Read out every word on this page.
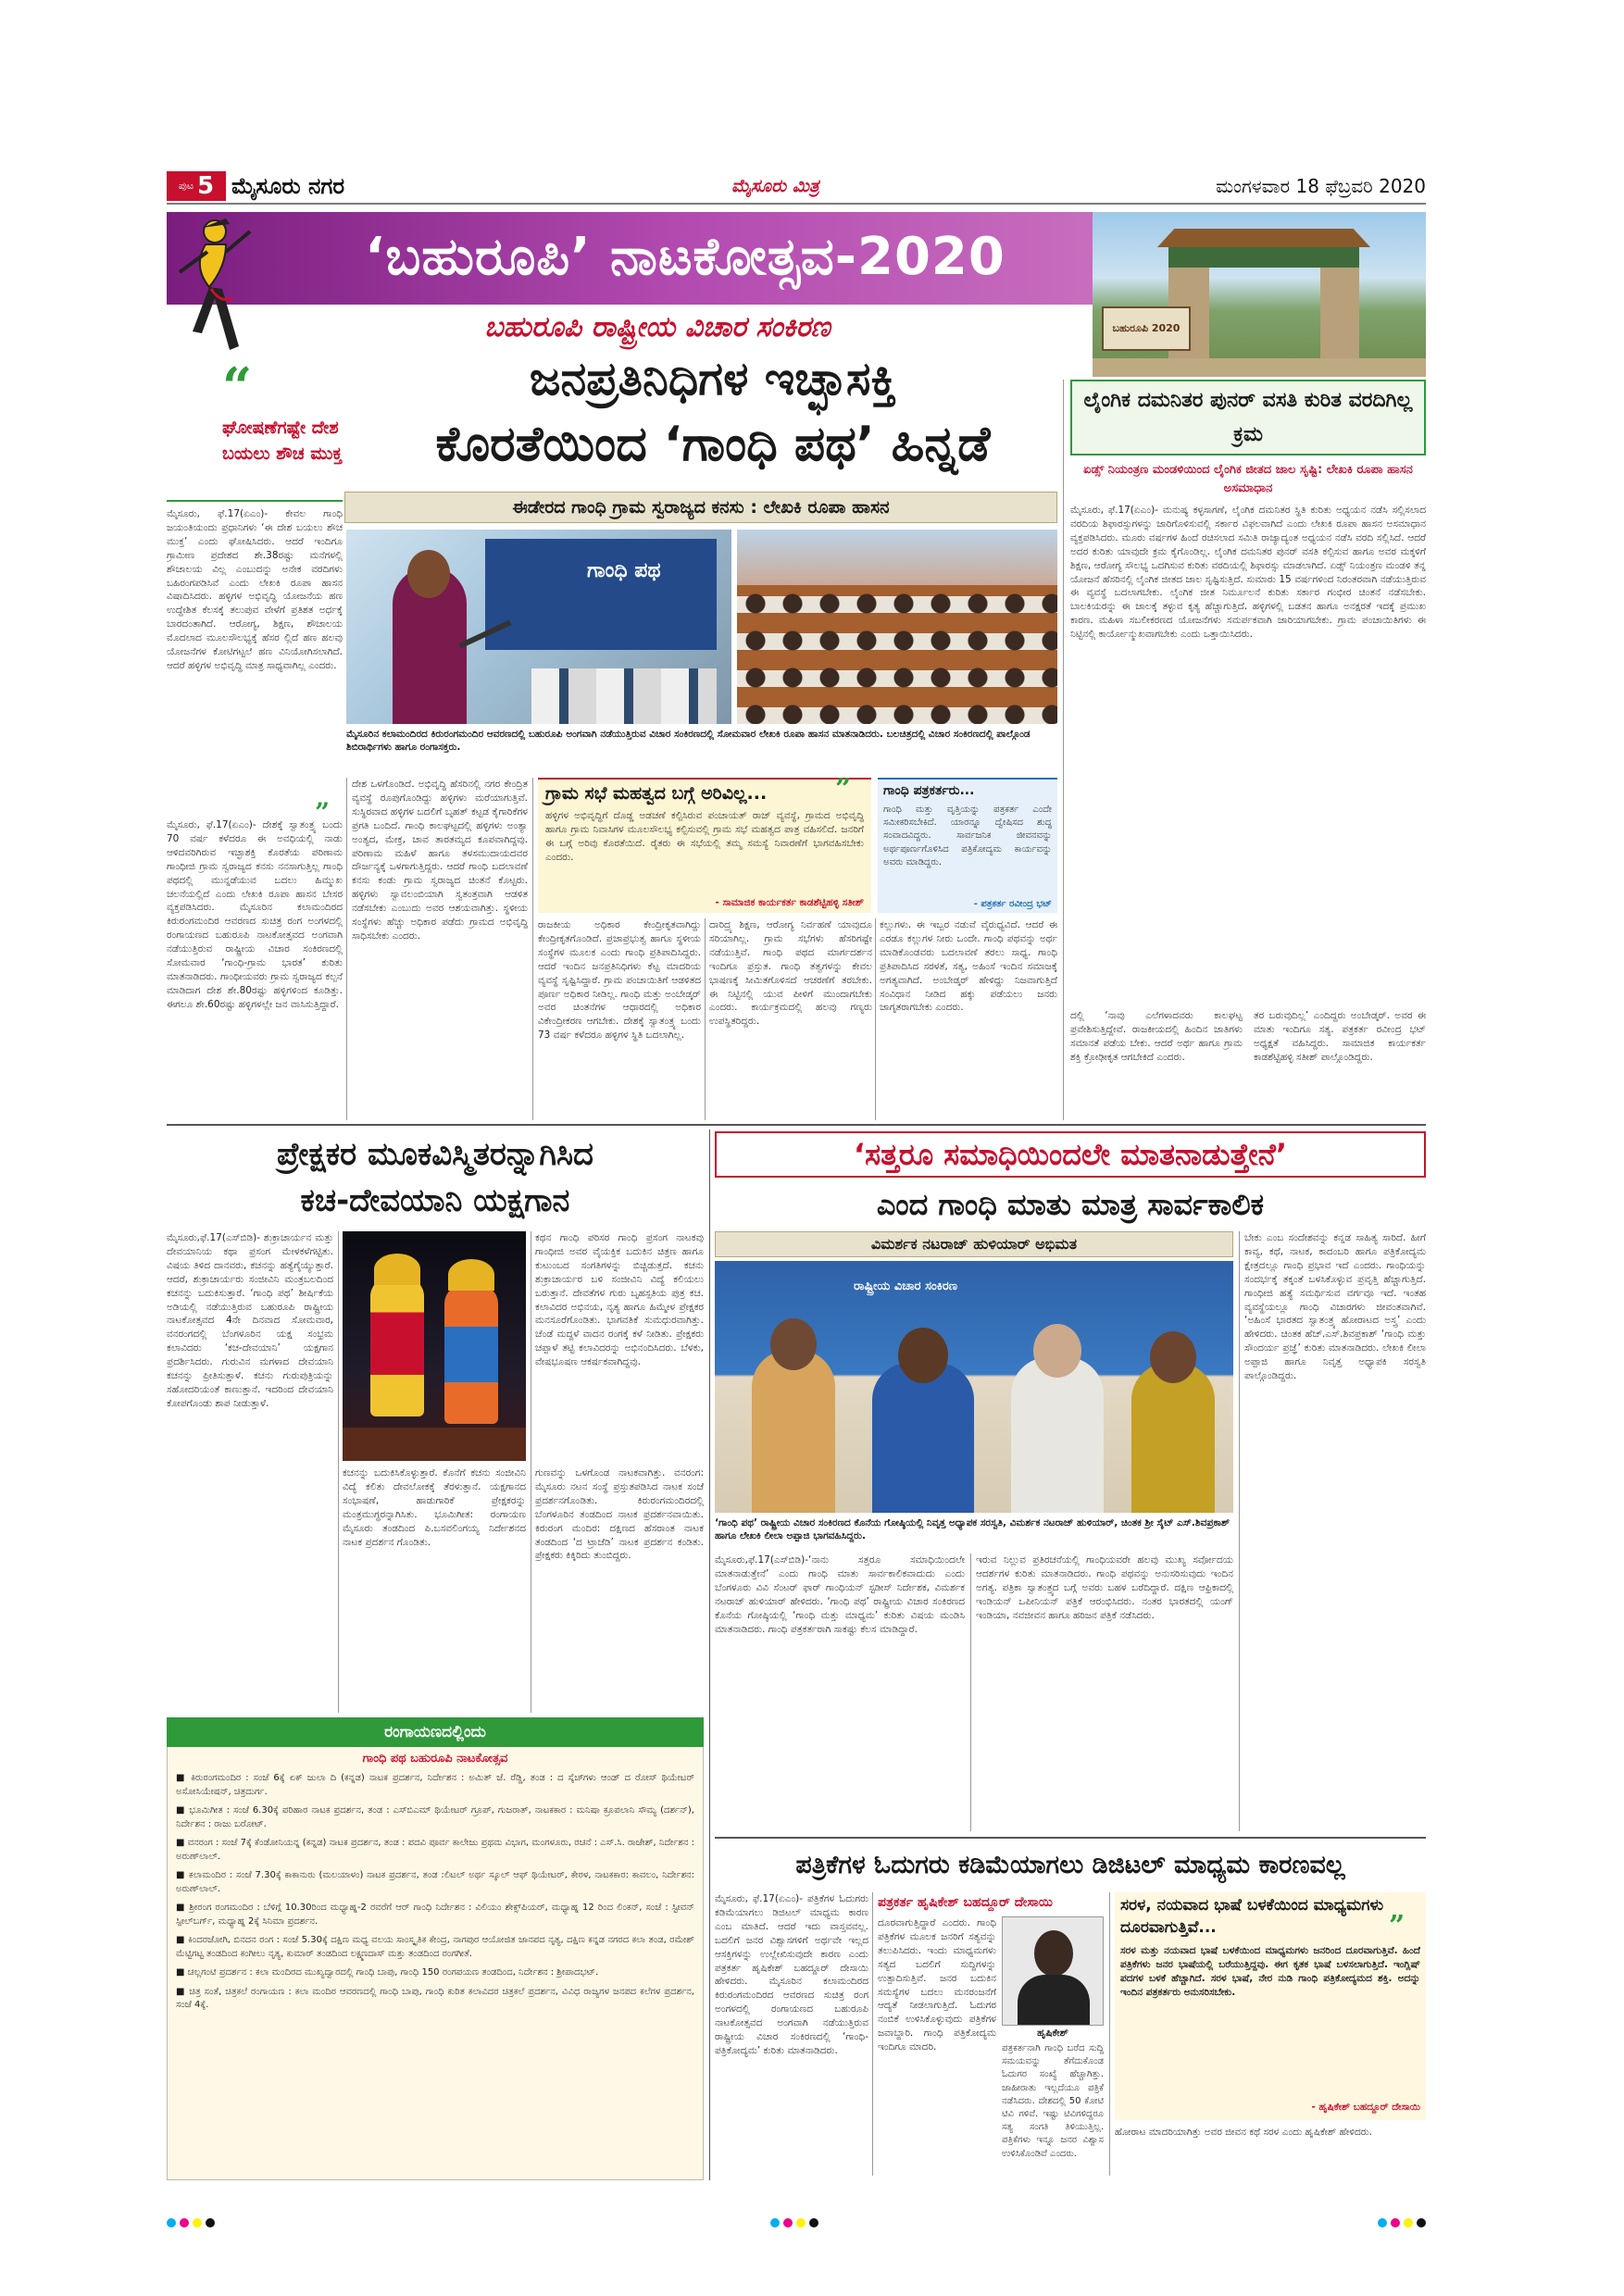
ಪುಟ 5 ಮೈಸೂರು ನಗರ	ಮೈಸೂರು ಮಿತ್ರ	ಮಂಗಳವಾರ 18 ಫೆಬ್ರವರಿ 2020
‘ಬಹುರೂಪಿ’ ನಾಟಕೋತ್ಸವ-2020
ಬಹುರೂಪಿ ರಾಷ್ಟ್ರೀಯ ವಿಚಾರ ಸಂಕಿರಣ	ಬಹುರೂಪಿ 2020
“	ಜನಪ್ರತಿನಿಧಿಗಳ ಇಚ್ಛಾಸಕ್ತಿ
ಕೊರತೆಯಿಂದ ‘ಗಾಂಧಿ ಪಥ’ ಹಿನ್ನಡೆ
ಘೋಷಣೆಗಷ್ಟೇ ದೇಶ ಬಯಲು ಶೌಚ ಮುಕ್ತ
ಮೈಸೂರು, ಫೆ.17(ಏಎಂ)- ಕೇವಲ ಗಾಂಧಿ ಜಯಂತಿಯಂದು ಪ್ರಧಾನಿಗಳು ‘ಈ ದೇಶ ಬಯಲು ಶೌಚ ಮುಕ್ತ’ ಎಂದು ಘೋಷಿಸಿದರು. ಆದರೆ ಇಂದಿಗೂ ಗ್ರಾಮೀಣ ಪ್ರದೇಶದ ಶೇ.38ರಷ್ಟು ಮನೆಗಳಲ್ಲಿ ಶೌಚಾಲಯ ವಿಲ್ಲ ಎಂಬುದನ್ನು ಅನೇಕ ವರದಿಗಳು ಬಹಿರಂಗಪಡಿಸಿವೆ ಎಂದು ಲೇಖಕಿ ರೂಪಾ ಹಾಸನ ವಿಷಾದಿಸಿದರು. ಹಳ್ಳಿಗಳ ಅಭಿವೃದ್ಧಿ ಯೋಜನೆಯ ಹಣ ಉದ್ದೇಶಿತ ಕೆಲಸಕ್ಕೆ ತಲುಪುವ ವೇಳೆಗೆ ಪ್ರತಿಶತ ಅರ್ಧಕ್ಕೆ ಬಾರದಂತಾಗಿದೆ. ಆರೋಗ್ಯ, ಶಿಕ್ಷಣ, ಶೌಚಾಲಯ ಮೊದಲಾದ ಮೂಲಸೌಲಭ್ಯಕ್ಕೆ ಹೆಸರ ಲ್ಲಿದೆ ಹಣ ಹಲವು ಯೋಜನೆಗಳ ಕೋಟಿಗಟ್ಟಲೆ ಹಣ ವಿನಿಯೋಗಿಸಲಾಗಿದೆ. ಆದರೆ ಹಳ್ಳಿಗಳ ಅಭಿವೃದ್ಧಿ ಮಾತ್ರ ಸಾಧ್ಯವಾಗಿಲ್ಲ ಎಂದರು.
”
ಈಡೇರದ ಗಾಂಧಿ ಗ್ರಾಮ ಸ್ವರಾಜ್ಯದ ಕನಸು : ಲೇಖಕಿ ರೂಪಾ ಹಾಸನ
ಗಾಂಧಿ ಪಥ
ಮೈಸೂರಿನ ಕಲಾಮಂದಿರದ ಕಿರುರಂಗಮಂದಿರ ಆವರಣದಲ್ಲಿ ಬಹುರೂಪಿ ಅಂಗವಾಗಿ ನಡೆಯುತ್ತಿರುವ ವಿಚಾರ ಸಂಕಿರಣದಲ್ಲಿ ಸೋಮವಾರ ಲೇಖಕಿ ರೂಪಾ ಹಾಸನ ಮಾತನಾಡಿದರು. ಬಲಚಿತ್ರದಲ್ಲಿ ವಿಚಾರ ಸಂಕಿರಣದಲ್ಲಿ ಪಾಲ್ಗೊಂಡ ಶಿಬಿರಾರ್ಥಿಗಳು ಹಾಗೂ ರಂಗಾಸಕ್ತರು.
ಮೈಸೂರು, ಫೆ.17(ಏಎಂ)- ದೇಶಕ್ಕೆ ಸ್ವಾತಂತ್ರ್ಯ ಬಂದು 70 ವರ್ಷ ಕಳೆದರೂ ಈ ಅವಧಿಯಲ್ಲಿ ನಾಡು ಆಳಿದವರಿಗಿರುವ ಇಚ್ಛಾಶಕ್ತಿ ಕೊರತೆಯ ಪರಿಣಾಮ ಗಾಂಧೀಜಿ ಗ್ರಾಮ ಸ್ವರಾಜ್ಯದ ಕನಸು ನನಸಾಗುತ್ತಿಲ್ಲ ಗಾಂಧಿ ಪಥದಲ್ಲಿ ಮುನ್ನಡೆಯುವ ಬದಲು ಹಿಮ್ಮುಖ ಚಲನೆಯಲ್ಲಿದೆ ಎಂದು ಲೇಖಕಿ ರೂಪಾ ಹಾಸನ ಬೇಸರ ವ್ಯಕ್ತಪಡಿಸಿದರು. ಮೈಸೂರಿನ ಕಲಾಮಂದಿರದ ಕಿರುರಂಗಮಂದಿರ ಆವರಣದ ಸುಚಿತ್ರ ರಂಗ ಅಂಗಳದಲ್ಲಿ ರಂಗಾಯಣದ ಬಹುರೂಪಿ ನಾಟಕೋತ್ಸವದ ಅಂಗವಾಗಿ ನಡೆಯುತ್ತಿರುವ ರಾಷ್ಟ್ರೀಯ ವಿಚಾರ ಸಂಕಿರಣದಲ್ಲಿ ಸೋಮವಾರ ‘ಗಾಂಧಿ-ಗ್ರಾಮ ಭಾರತ’ ಕುರಿತು ಮಾತನಾಡಿದರು. ಗಾಂಧೀಯವರು ಗ್ರಾಮ ಸ್ವರಾಜ್ಯದ ಕಲ್ಪನೆ ಮಾಡಿದಾಗ ದೇಶ ಶೇ.80ರಷ್ಟು ಹಳ್ಳಿಗಳಿಂದ ಕೂಡಿತ್ತು. ಈಗಲೂ ಶೇ.60ರಷ್ಟು ಹಳ್ಳಿಗಳಲ್ಲೇ ಜನ ವಾಸಿಸುತ್ತಿದ್ದಾರೆ.
ದೇಶ ಒಳಗೊಂಡಿದೆ. ಅಭಿವೃದ್ಧಿ ಹೆಸರಿನಲ್ಲಿ ನಗರ ಕೇಂದ್ರಿತ ವ್ಯವಸ್ಥೆ ರೂಪುಗೊಂಡಿದ್ದು ಹಳ್ಳಿಗಳು ಮರೆಯಾಗುತ್ತಿವೆ. ಸುಸ್ಥಿರವಾದ ಹಳ್ಳಿಗಳ ಬದಲಿಗೆ ಬೃಹತ್ ಕಟ್ಟಡ ಕೈಗಾರಿಕೆಗಳ ಪ್ರಗತಿ ಬಂದಿದೆ. ಗಾಂಧಿ ಕಾಲಘಟ್ಟದಲ್ಲಿ ಹಳ್ಳಿಗಳು ಅಂತ್ಯಾ ಅಂತ್ಯದ, ಮೇಕ್ರ, ಚಾವ ತಾರತಮ್ಯದ ಕೂಪವಾಗಿದ್ದವು. ಪರಿಣಾಮ ಮಹಿಳೆ ಹಾಗೂ ತಳಸಮುದಾಯದವರ ದೌರ್ಜನ್ಯಕ್ಕೆ ಒಳಗಾಗುತ್ತಿದ್ದರು. ಆದರೆ ಗಾಂಧಿ ಬದಲಾವಣೆ ಕನಸು ಕಂಡು ಗ್ರಾಮ ಸ್ವರಾಜ್ಯದ ಚಿಂತನೆ ಕೊಟ್ಟರು. ಹಳ್ಳಿಗಳು ಸ್ವಾವಲಂಬಿಯಾಗಿ ಸ್ವತಂತ್ರವಾಗಿ ಆಡಳಿತ ನಡೆಸಬೇಕು ಎಂಬುದು ಅವರ ಆಶಯವಾಗಿತ್ತು. ಸ್ಥಳೀಯ ಸಂಸ್ಥೆಗಳು ಹೆಚ್ಚು ಅಧಿಕಾರ ಪಡೆದು ಗ್ರಾಮದ ಅಭಿವೃದ್ಧಿ ಸಾಧಿಸಬೇಕು ಎಂದರು.
ಗ್ರಾಮ ಸಭೆ ಮಹತ್ವದ ಬಗ್ಗೆ ಅರಿವಿಲ್ಲ...
ಹಳ್ಳಿಗಳ ಅಭಿವೃದ್ಧಿಗೆ ದೊಡ್ಡ ಅಡಚಣೆ ಕಲ್ಪಿಸಿರುವ ಪಂಚಾಯತ್ ರಾಜ್ ವ್ಯವಸ್ಥೆ, ಗ್ರಾಮದ ಅಭಿವೃದ್ಧಿ ಹಾಗೂ ಗ್ರಾಮ ನಿವಾಸಿಗಳ ಮೂಲಸೌಲಭ್ಯ ಕಲ್ಪಿಸುವಲ್ಲಿ ಗ್ರಾಮ ಸಭೆ ಮಹತ್ವದ ಪಾತ್ರ ವಹಿಸಲಿದೆ. ಜನರಿಗೆ ಈ ಬಗ್ಗೆ ಅರಿವು ಕೊರತೆಯಿದೆ. ರೈತರು ಈ ಸಭೆಯಲ್ಲಿ ತಮ್ಮ ಸಮಸ್ಯೆ ನಿವಾರಣೆಗೆ ಭಾಗವಹಿಸಬೇಕು ಎಂದರು.
- ಸಾಮಾಜಿಕ ಕಾರ್ಯಕರ್ತ ಕಾಡಶೆಟ್ಟಿಹಳ್ಳಿ ಸತೀಶ್
” ಗಾಂಧಿ ಪತ್ರಕರ್ತರು...
ಗಾಂಧಿ ಮತ್ತು ವೃತ್ತಿಯನ್ನು ಪತ್ರಕರ್ತ ಎಂದೇ ಸಮೀಕರಿಸಬೇಕಿದೆ. ಯಾರನ್ನೂ ದ್ವೇಷಿಸದ ಶುದ್ಧ ಸಂವಾದವಿದ್ದರು. ಸಾರ್ವಜನಿಕ ಜೀವನವನ್ನು ಅರ್ಥಪೂರ್ಣಗೊಳಿಸಿದ ಪತ್ರಿಕೋದ್ಯಮ ಕಾರ್ಯವನ್ನು ಅವರು ಮಾಡಿದ್ದರು.
- ಪತ್ರಕರ್ತ ರವೀಂದ್ರ ಭಟ್
ರಾಜಕೀಯ ಅಧಿಕಾರ ಕೇಂದ್ರೀಕೃತವಾಗಿದ್ದು ಕೇಂದ್ರೀಕೃತಗೊಂಡಿದೆ. ಪ್ರಜಾಪ್ರಭುತ್ವ ಹಾಗೂ ಸ್ಥಳೀಯ ಸಂಸ್ಥೆಗಳ ಮೂಲಕ ಎಂದು ಗಾಂಧಿ ಪ್ರತಿಪಾದಿಸಿದ್ದರು. ಆದರೆ ಇಂದಿನ ಜನಪ್ರತಿನಿಧಿಗಳು ಕೆಟ್ಟ ಮಾದರಿಯ ವ್ಯವಸ್ಥೆ ಸೃಷ್ಟಿಸಿದ್ದಾರೆ. ಗ್ರಾಮ ಪಂಚಾಯಿತಿಗೆ ಆಡಳಿತದ ಪೂರ್ಣ ಅಧಿಕಾರ ನೀಡಿಲ್ಲ. ಗಾಂಧಿ ಮತ್ತು ಅಂಬೇಡ್ಕರ್ ಅವರ ಚಿಂತನೆಗಳ ಆಧಾರದಲ್ಲಿ ಅಧಿಕಾರ ವಿಕೇಂದ್ರೀಕರಣ ಆಗಬೇಕು. ದೇಶಕ್ಕೆ ಸ್ವಾತಂತ್ರ್ಯ ಬಂದು 73 ವರ್ಷ ಕಳೆದರೂ ಹಳ್ಳಿಗಳ ಸ್ಥಿತಿ ಬದಲಾಗಿಲ್ಲ.
ದಾರಿದ್ರ್ಯ ಶಿಕ್ಷಣ, ಆರೋಗ್ಯ ನಿರ್ವಹಣೆ ಯಾವುದೂ ಸರಿಯಾಗಿಲ್ಲ. ಗ್ರಾಮ ಸಭೆಗಳು ಹೆಸರಿಗಷ್ಟೇ ನಡೆಯುತ್ತಿವೆ. ಗಾಂಧಿ ಪಥದ ಮಾರ್ಗದರ್ಶನ ಇಂದಿಗೂ ಪ್ರಸ್ತುತ. ಗಾಂಧಿ ತತ್ವಗಳನ್ನು ಕೇವಲ ಭಾಷಣಕ್ಕೆ ಸೀಮಿತಗೊಳಿಸದೆ ಆಚರಣೆಗೆ ತರಬೇಕು. ಈ ನಿಟ್ಟಿನಲ್ಲಿ ಯುವ ಪೀಳಿಗೆ ಮುಂದಾಗಬೇಕು ಎಂದರು. ಕಾರ್ಯಕ್ರಮದಲ್ಲಿ ಹಲವು ಗಣ್ಯರು ಉಪಸ್ಥಿತರಿದ್ದರು.
ಕಲ್ಲುಗಳು. ಈ ಇಬ್ಬರ ನಡುವೆ ವೈರುಧ್ಯವಿದೆ. ಆದರೆ ಈ ಎರಡೂ ಕಲ್ಲುಗಳ ನೀರು ಒಂದೇ. ಗಾಂಧಿ ಪಥವನ್ನು ಅರ್ಥ ಮಾಡಿಕೊಂಡವರು ಬದಲಾವಣೆ ತರಲು ಸಾಧ್ಯ. ಗಾಂಧಿ ಪ್ರತಿಪಾದಿಸಿದ ಸರಳತೆ, ಸತ್ಯ, ಅಹಿಂಸೆ ಇಂದಿನ ಸಮಾಜಕ್ಕೆ ಅಗತ್ಯವಾಗಿದೆ. ಅಂಬೇಡ್ಕರ್ ಹೇಳಿದ್ದು ನಿಜವಾಗುತ್ತಿದೆ ಸಂವಿಧಾನ ನೀಡಿದ ಹಕ್ಕು ಪಡೆಯಲು ಜನರು ಜಾಗೃತರಾಗಬೇಕು ಎಂದರು.
ಲೈಂಗಿಕ ದಮನಿತರ ಪುನರ್ ವಸತಿ ಕುರಿತ ವರದಿಗಿಲ್ಲ ಕ್ರಮ
ಏಡ್ಸ್ ನಿಯಂತ್ರಣ ಮಂಡಳಿಯಿಂದ ಲೈಂಗಿಕ ಜೀತದ ಜಾಲ ಸೃಷ್ಟಿ: ಲೇಖಕಿ ರೂಪಾ ಹಾಸನ ಅಸಮಾಧಾನ
ಮೈಸೂರು, ಫೆ.17(ಏಎಂ)- ಮನುಷ್ಯ ಕಳ್ಳಸಾಗಣೆ, ಲೈಂಗಿಕ ದಮನಿತರ ಸ್ಥಿತಿ ಕುರಿತು ಅಧ್ಯಯನ ನಡೆಸಿ ಸಲ್ಲಿಸಲಾದ ವರದಿಯ ಶಿಫಾರಸ್ಸುಗಳನ್ನು ಜಾರಿಗೊಳಿಸುವಲ್ಲಿ ಸರ್ಕಾರ ವಿಫಲವಾಗಿದೆ ಎಂದು ಲೇಖಕಿ ರೂಪಾ ಹಾಸನ ಅಸಮಾಧಾನ ವ್ಯಕ್ತಪಡಿಸಿದರು. ಮೂರು ವರ್ಷಗಳ ಹಿಂದೆ ರಚಿಸಲಾದ ಸಮಿತಿ ರಾಜ್ಯಾದ್ಯಂತ ಅಧ್ಯಯನ ನಡೆಸಿ ವರದಿ ಸಲ್ಲಿಸಿದೆ. ಆದರೆ ಅದರ ಕುರಿತು ಯಾವುದೇ ಕ್ರಮ ಕೈಗೊಂಡಿಲ್ಲ. ಲೈಂಗಿಕ ದಮನಿತರ ಪುನರ್ ವಸತಿ ಕಲ್ಪಿಸುವ ಹಾಗೂ ಅವರ ಮಕ್ಕಳಿಗೆ ಶಿಕ್ಷಣ, ಆರೋಗ್ಯ ಸೌಲಭ್ಯ ಒದಗಿಸುವ ಕುರಿತು ವರದಿಯಲ್ಲಿ ಶಿಫಾರಸ್ಸು ಮಾಡಲಾಗಿದೆ. ಏಡ್ಸ್ ನಿಯಂತ್ರಣ ಮಂಡಳಿ ತನ್ನ ಯೋಜನೆ ಹೆಸರಿನಲ್ಲಿ ಲೈಂಗಿಕ ಜೀತದ ಜಾಲ ಸೃಷ್ಟಿಸುತ್ತಿದೆ. ಸುಮಾರು 15 ವರ್ಷಗಳಿಂದ ನಿರಂತರವಾಗಿ ನಡೆಯುತ್ತಿರುವ ಈ ವ್ಯವಸ್ಥೆ ಬದಲಾಗಬೇಕು. ಲೈಂಗಿಕ ಜೀತ ನಿರ್ಮೂಲನೆ ಕುರಿತು ಸರ್ಕಾರ ಗಂಭೀರ ಚಿಂತನೆ ನಡೆಸಬೇಕು. ಬಾಲಕಿಯರನ್ನು ಈ ಜಾಲಕ್ಕೆ ತಳ್ಳುವ ಕೃತ್ಯ ಹೆಚ್ಚಾಗುತ್ತಿದೆ. ಹಳ್ಳಿಗಳಲ್ಲಿ ಬಡತನ ಹಾಗೂ ಅನಕ್ಷರತೆ ಇದಕ್ಕೆ ಪ್ರಮುಖ ಕಾರಣ. ಮಹಿಳಾ ಸಬಲೀಕರಣದ ಯೋಜನೆಗಳು ಸಮರ್ಪಕವಾಗಿ ಜಾರಿಯಾಗಬೇಕು. ಗ್ರಾಮ ಪಂಚಾಯಿತಿಗಳು ಈ ನಿಟ್ಟಿನಲ್ಲಿ ಕಾರ್ಯೋನ್ಮುಖವಾಗಬೇಕು ಎಂದು ಒತ್ತಾಯಿಸಿದರು.
ದಲ್ಲಿ ‘ನಾವು ಎಲೆಗಳಾದವರು ಕಾಲಘಟ್ಟ ಪ್ರವೇಶಿಸುತ್ತಿದ್ದೇವೆ. ರಾಜಕೀಯದಲ್ಲಿ ಹಿಂದಿನ ಜಾತಿಗಳು ಸಮಾನತೆ ಪಡೆಯ ಬೇಕು. ಆದರೆ ಅರ್ಥ ಹಾಗೂ ಗ್ರಾಮ ಶಕ್ತಿ ಕ್ರೋಢೀಕೃತ ಆಗಬೇಕಿದೆ ಎಂದರು.
ತರ ಬರುವುದಿಲ್ಲ’ ಎಂದಿದ್ದರು ಅಂಬೇಡ್ಕರ್. ಅವರ ಈ ಮಾತು ಇಂದಿಗೂ ಸತ್ಯ. ಪತ್ರಕರ್ತ ರವೀಂದ್ರ ಭಟ್ ಅಧ್ಯಕ್ಷತೆ ವಹಿಸಿದ್ದರು. ಸಾಮಾಜಿಕ ಕಾರ್ಯಕರ್ತ ಕಾಡಶೆಟ್ಟಿಹಳ್ಳಿ ಸತೀಶ್ ಪಾಲ್ಗೊಂಡಿದ್ದರು.
ಪ್ರೇಕ್ಷಕರ ಮೂಕವಿಸ್ಮಿತರನ್ನಾಗಿಸಿದ
ಕಚ-ದೇವಯಾನಿ ಯಕ್ಷಗಾನ
ಮೈಸೂರು,ಫೆ.17(ಎಸ್‍ಬಿಡಿ)- ಶುಕ್ರಾಚಾರ್ಯನ ಮತ್ತು ದೇವಯಾನಿಯ ಕಥಾ ಪ್ರಸಂಗ ಮೇಳಕಳೆಗಟ್ಟಿತು. ವಿಷಯ ತಿಳಿದ ದಾನವರು, ಕಚನನ್ನು ಹತ್ಯೆಗೈಯ್ಯುತ್ತಾರೆ. ಆದರೆ, ಶುಕ್ರಾಚಾರ್ಯರು ಸಂಜೀವಿನಿ ಮಂತ್ರಬಲದಿಂದ ಕಚನನ್ನು ಬದುಕಿಸುತ್ತಾರೆ. ‘ಗಾಂಧಿ ಪಥ’ ಶೀರ್ಷಿಕೆಯ ಅಡಿಯಲ್ಲಿ ನಡೆಯುತ್ತಿರುವ ಬಹುರೂಪಿ ರಾಷ್ಟ್ರೀಯ ನಾಟಕೋತ್ಸವದ 4ನೇ ದಿನವಾದ ಸೋಮವಾರ, ವನರಂಗದಲ್ಲಿ ಬೆಂಗಳೂರಿನ ಯಕ್ಷ ಸಂಭ್ರಮ ಕಲಾವಿದರು ‘ಕಚ-ದೇವಯಾನಿ’ ಯಕ್ಷಗಾನ ಪ್ರದರ್ಶಿಸಿದರು. ಗುರುವಿನ ಮಗಳಾದ ದೇವಯಾನಿ ಕಚನನ್ನು ಪ್ರೀತಿಸುತ್ತಾಳೆ. ಕಚನು ಗುರುಪುತ್ರಿಯನ್ನು ಸಹೋದರಿಯಂತೆ ಕಾಣುತ್ತಾನೆ. ಇದರಿಂದ ದೇವಯಾನಿ ಕೋಪಗೊಂಡು ಶಾಪ ನೀಡುತ್ತಾಳೆ.
ಕಚನನ್ನು ಬದುಕಿಸಿಕೊಳ್ಳುತ್ತಾರೆ. ಕೊನೆಗೆ ಕಚನು ಸಂಜೀವಿನಿ ವಿದ್ಯೆ ಕಲಿತು ದೇವಲೋಕಕ್ಕೆ ತೆರಳುತ್ತಾನೆ. ಯಕ್ಷಗಾನದ ಸಂಭಾಷಣೆ, ಹಾಡುಗಾರಿಕೆ ಪ್ರೇಕ್ಷಕರನ್ನು ಮಂತ್ರಮುಗ್ಧರನ್ನಾಗಿಸಿತು. ಭೂಮಿಗೀತ: ರಂಗಾಯಣ ಮೈಸೂರು ತಂಡದಿಂದ ಪಿ.ಬಸವಲಿಂಗಯ್ಯ ನಿರ್ದೇಶನದ ನಾಟಕ ಪ್ರದರ್ಶನ ಗೊಂಡಿತು.
ಕಥನ ಗಾಂಧಿ ಪರಿಸರ ಗಾಂಧಿ ಪ್ರಸಂಗ ನಾಟಕವು ಗಾಂಧೀಜಿ ಅವರ ವೈಯಕ್ತಿಕ ಬದುಕಿನ ಚಿತ್ರಣ ಹಾಗೂ ಕುಟುಂಬದ ಸಂಗತಿಗಳನ್ನು ಬಿಚ್ಚಿಡುತ್ತದೆ. ಕಚನು ಶುಕ್ರಾಚಾರ್ಯರ ಬಳಿ ಸಂಜೀವಿನಿ ವಿದ್ಯೆ ಕಲಿಯಲು ಬರುತ್ತಾನೆ. ದೇವತೆಗಳ ಗುರು ಬೃಹಸ್ಪತಿಯ ಪುತ್ರ ಕಚ. ಕಲಾವಿದರ ಅಭಿನಯ, ನೃತ್ಯ ಹಾಗೂ ಹಿಮ್ಮೇಳ ಪ್ರೇಕ್ಷಕರ ಮನಸೂರೆಗೊಂಡಿತು. ಭಾಗವತಿಕೆ ಸುಮಧುರವಾಗಿತ್ತು. ಚೆಂಡೆ ಮದ್ದಳೆ ವಾದನ ರಂಗಕ್ಕೆ ಕಳೆ ನೀಡಿತು. ಪ್ರೇಕ್ಷಕರು ಚಪ್ಪಾಳೆ ತಟ್ಟಿ ಕಲಾವಿದರನ್ನು ಅಭಿನಂದಿಸಿದರು. ಬೆಳಕು, ವೇಷಭೂಷಣ ಆಕರ್ಷಕವಾಗಿದ್ದವು.
ಗುಣವನ್ನು ಒಳಗೊಂಡ ನಾಟಕವಾಗಿತ್ತು. ವನರಂಗ: ಮೈಸೂರು ನಟನ ಸಂಸ್ಥೆ ಪ್ರಸ್ತುತಪಡಿಸಿದ ನಾಟಕ ಸಂಜೆ ಪ್ರದರ್ಶನಗೊಂಡಿತು. ಕಿರುರಂಗಮಂದಿರದಲ್ಲಿ ಬೆಂಗಳೂರಿನ ತಂಡದಿಂದ ನಾಟಕ ಪ್ರದರ್ಶನವಾಯಿತು. ಕಿರುರಂಗ ಮಂದಿರ: ದಕ್ಷಿಣದ ಹೆಸರಾಂತ ನಾಟಕ ತಂಡದಿಂದ ‘ದ ಟ್ರಾಜೆಡಿ’ ನಾಟಕ ಪ್ರದರ್ಶನ ಕಂಡಿತು. ಪ್ರೇಕ್ಷಕರು ಕಿಕ್ಕಿರಿದು ತುಂಬಿದ್ದರು.
ರಂಗಾಯಣದಲ್ಲಿಂದು
ಗಾಂಧಿ ಪಥ ಬಹುರೂಪಿ ನಾಟಕೋತ್ಸವ
■ ಕಿರುರಂಗಮಂದಿರ : ಸಂಜೆ 6ಕ್ಕೆ ಏಕ್ ಜುಲಾ ದಿ (ಕನ್ನಡ) ನಾಟಕ ಪ್ರದರ್ಶನ, ನಿರ್ದೇಶನ : ಅಮಿತ್ ಜೆ. ರೆಡ್ಡಿ, ತಂಡ : ದ ಸ್ಕೆಚ್‍ಗಳು ಆಂಡ್ ದ ರೋಸ್ ಥಿಯೇಟರ್ ಅಸೋಸಿಯೇಷನ್, ಚಿತ್ರದುರ್ಗ.
■ ಭೂಮಿಗೀತ : ಸಂಜೆ 6.30ಕ್ಕೆ ಪರಿಹಾರ ನಾಟಕ ಪ್ರದರ್ಶನ, ತಂಡ : ಎಸ್‌ಬಿಎಮ್ ಥಿಯೇಟರ್ ಗ್ರೂಪ್, ಗುಜರಾತ್, ನಾಟಕಕಾರ : ಮನಿಷಾ ಕ್ರೂಪಲಾನಿ ಸೌಮ್ಯ (ದರ್ಶನ್), ನಿರ್ದೇಶನ : ರಾಜು ಬರೋಟ್.
■ ವನರಂಗ : ಸಂಜೆ 7ಕ್ಕೆ ಕೆಂಡೋನಿಯನ್ನ (ಕನ್ನಡ) ನಾಟಕ ಪ್ರದರ್ಶನ, ತಂಡ : ಪದವಿ ಪೂರ್ವ ಕಾಲೇಜು ಪ್ರಥಮ ವಿಭಾಗ, ಮಂಗಳೂರು, ರಚನೆ : ಎಸ್.ಸಿ. ರಾಜೇಶ್, ನಿರ್ದೇಶನ : ಅರುಣ್‌ಲಾಲ್.
■ ಕಲಾಮಂದಿರ : ಸಂಜೆ 7.30ಕ್ಕೆ ಕಾಕಾನುರು (ಮಲಯಾಳಂ) ನಾಟಕ ಪ್ರದರ್ಶನ, ತಂಡ :ಲಿಟಲ್ ಅರ್ಥ ಸ್ಕೂಲ್ ಆಫ್ ಥಿಯೇಟರ್, ಕೇರಳ, ನಾಟಕಕಾರ: ಕಾವಲಂ, ನಿರ್ದೇಶನ: ಅರುಣ್‌ಲಾಲ್.
■ ಶ್ರೀರಂಗ ರಂಗಮಂದಿರ : ಬೆಳಿಗ್ಗೆ 10.30ರಿಂದ ಮಧ್ಯಾಹ್ನ-2 ರವರೆಗೆ ಆರ್ ಗಾಂಧಿ ನಿರ್ದೇಶನ : ವಿಲಿಯಂ ಶೇಕ್ಸ್‌ಪಿಯರ್, ಮಧ್ಯಾಹ್ನ 12 ರಿಂದ ಲಿಂಕನ್, ಸಂಜೆ : ಸ್ಟೀವನ್ ಸ್ಪೀಲ್‌ಬರ್ಗ್, ಮಧ್ಯಾಹ್ನ 2ಕ್ಕೆ ಸಿನಿಮಾ ಪ್ರದರ್ಶನ.
■ ಕಿಂದರಜೋಗಿ, ಬಿನದನ ರಂಗ : ಸಂಜೆ 5.30ಕ್ಕೆ ದಕ್ಷಿಣ ಮಧ್ಯ ವಲಯ ಸಾಂಸ್ಕೃತಿಕ ಕೇಂದ್ರ, ನಾಗಪುರ ಆಯೋಜಿತ ಜಾನಪದ ನೃತ್ಯ, ದಕ್ಷಿಣ ಕನ್ನಡ ನಗರದ ಕಲಾ ತಂಡ, ರಮೇಶ್ ಮೆಟ್ಟಿಗಟ್ಟ ತಂಡದಿಂದ ಕಂಗೀಲು ನೃತ್ಯ, ಕುಮಾರ್ ತಂಡದಿಂದ ಲಕ್ಷ್ಮಣದಾಸ್ ಮತ್ತು ತಂಡದಿಂದ ರಂಗಗೀತೆ.
■ ಚಲ್ಲಗಂಟಿ ಪ್ರದರ್ಶನ : ಕಲಾ ಮಂದಿರದ ಮುಖ್ಯದ್ವಾರದಲ್ಲಿ ಗಾಂಧಿ ಬಾಪು, ಗಾಂಧಿ 150 ರಂಗಪಯಣ ತಂಡದಿಂದ, ನಿರ್ದೇಶನ : ಶ್ರೀಪಾದಭಟ್.
■ ಚಿತ್ರ ಸಂತೆ, ಚಿತ್ರಕಲೆ ರಂಗಾಯಣ : ಕಲಾ ಮಂದಿರ ಆವರಣದಲ್ಲಿ ಗಾಂಧಿ ಬಾಪು, ಗಾಂಧಿ ಕುರಿತ ಕಲಾವಿದರ ಚಿತ್ರಕಲೆ ಪ್ರದರ್ಶನ, ವಿವಿಧ ರಾಜ್ಯಗಳ ಜನಪದ ಕಲೆಗಳ ಪ್ರದರ್ಶನ, ಸಂಜೆ 4ಕ್ಕೆ.
‘ಸತ್ತರೂ ಸಮಾಧಿಯಿಂದಲೇ ಮಾತನಾಡುತ್ತೇನೆ’
ಎಂದ ಗಾಂಧಿ ಮಾತು ಮಾತ್ರ ಸಾರ್ವಕಾಲಿಕ
ವಿಮರ್ಶಕ ನಟರಾಜ್ ಹುಳಿಯಾರ್ ಅಭಿಮತ
ರಾಷ್ಟ್ರೀಯ ವಿಚಾರ ಸಂಕಿರಣ
‘ಗಾಂಧಿ ಪಥ’ ರಾಷ್ಟ್ರೀಯ ವಿಚಾರ ಸಂಕಿರಣದ ಕೊನೆಯ ಗೋಷ್ಠಿಯಲ್ಲಿ ನಿವೃತ್ತ ಅಧ್ಯಾಪಕ ಸರಸ್ವತಿ, ವಿಮರ್ಶಕ ನಟರಾಜ್ ಹುಳಿಯಾರ್, ಚಿಂತಕ ಶ್ರೀ ಸೈಟ್ ಎಸ್.ಶಿವಪ್ರಕಾಶ್ ಹಾಗೂ ಲೇಖಕಿ ಲೀಲಾ ಅಪ್ಪಾಜಿ ಭಾಗವಹಿಸಿದ್ದರು.
ಮೈಸೂರು,ಫೆ.17(ಎಸ್‍ಬಿಡಿ)-‘ನಾನು ಸತ್ತರೂ ಸಮಾಧಿಯಿಂದಲೇ ಮಾತನಾಡುತ್ತೇನೆ’ ಎಂದು ಗಾಂಧಿ ಮಾತು ಸಾರ್ವಕಾಲಿಕವಾದುದು ಎಂದು ಬೆಂಗಳೂರು ವಿವಿ ಸೆಂಟರ್ ಫಾರ್ ಗಾಂಧಿಯನ್ ಸ್ಟಡೀಸ್ ನಿರ್ದೇಶಕ, ವಿಮರ್ಶಕ ನಟರಾಜ್ ಹುಳಿಯಾರ್ ಹೇಳಿದರು. ‘ಗಾಂಧಿ ಪಥ’ ರಾಷ್ಟ್ರೀಯ ವಿಚಾರ ಸಂಕಿರಣದ ಕೊನೆಯ ಗೋಷ್ಠಿಯಲ್ಲಿ ‘ಗಾಂಧಿ ಮತ್ತು ಮಾಧ್ಯಮ’ ಕುರಿತು ವಿಷಯ ಮಂಡಿಸಿ ಮಾತನಾಡಿದರು. ಗಾಂಧಿ ಪತ್ರಕರ್ತರಾಗಿ ಸಾಕಷ್ಟು ಕೆಲಸ ಮಾಡಿದ್ದಾರೆ.
ಇರುವ ನಿಲ್ಲುವ ಪ್ರತಿರಚನೆಯಲ್ಲಿ ಗಾಂಧಿಯವರೇ ಹಲವು ಮುಖ್ಯ ಸರ್ವೋದಯ ಆದರ್ಶಗಳ ಕುರಿತು ಮಾತನಾಡಿದರು. ಗಾಂಧಿ ಪಥವನ್ನು ಅನುಸರಿಸುವುದು ಇಂದಿನ ಅಗತ್ಯ. ಪತ್ರಿಕಾ ಸ್ವಾತಂತ್ರ್ಯದ ಬಗ್ಗೆ ಅವರು ಬಹಳ ಬರೆದಿದ್ದಾರೆ. ದಕ್ಷಿಣ ಆಫ್ರಿಕಾದಲ್ಲಿ ಇಂಡಿಯನ್ ಒಪೀನಿಯನ್ ಪತ್ರಿಕೆ ಆರಂಭಿಸಿದರು. ನಂತರ ಭಾರತದಲ್ಲಿ ಯಂಗ್ ಇಂಡಿಯಾ, ನವಜೀವನ ಹಾಗೂ ಹರಿಜನ ಪತ್ರಿಕೆ ನಡೆಸಿದರು.
ಬೇಕು ಎಂಬ ಸಂದೇಶವನ್ನು ಕನ್ನಡ ಸಾಹಿತ್ಯ ಸಾರಿದೆ. ಹೀಗೆ ಕಾವ್ಯ, ಕಥೆ, ನಾಟಕ, ಕಾದಂಬರಿ ಹಾಗೂ ಪತ್ರಿಕೋದ್ಯಮ ಕ್ಷೇತ್ರದಲ್ಲೂ ಗಾಂಧಿ ಪ್ರಭಾವ ಇದೆ ಎಂದರು. ಗಾಂಧಿಯನ್ನು ಸಂದರ್ಭಕ್ಕೆ ತಕ್ಕಂತೆ ಬಳಸಿಕೊಳ್ಳುವ ಪ್ರವೃತ್ತಿ ಹೆಚ್ಚಾಗುತ್ತಿದೆ. ಗಾಂಧೀಜಿ ಹತ್ಯೆ ಸಮರ್ಥಿಸುವ ವರ್ಗವೂ ಇದೆ. ಇಂತಹ ವ್ಯವಸ್ಥೆಯಲ್ಲೂ ಗಾಂಧಿ ವಿಚಾರಗಳು ಜೀವಂತವಾಗಿವೆ. ‘ಅಹಿಂಸೆ ಭಾರತದ ಸ್ವಾತಂತ್ರ್ಯ ಹೋರಾಟದ ಅಸ್ತ್ರ’ ಎಂದು ಹೇಳಿದರು. ಚಿಂತಕ ಹೆಚ್.ಎಸ್.ಶಿವಪ್ರಕಾಶ್ ‘ಗಾಂಧಿ ಮತ್ತು ಸೌಂದರ್ಯ ಪ್ರಜ್ಞೆ’ ಕುರಿತು ಮಾತನಾಡಿದರು. ಲೇಖಕಿ ಲೀಲಾ ಅಪ್ಪಾಜಿ ಹಾಗೂ ನಿವೃತ್ತ ಅಧ್ಯಾಪಕಿ ಸರಸ್ವತಿ ಪಾಲ್ಗೊಂಡಿದ್ದರು.
ಪತ್ರಿಕೆಗಳ ಓದುಗರು ಕಡಿಮೆಯಾಗಲು ಡಿಜಿಟಲ್ ಮಾಧ್ಯಮ ಕಾರಣವಲ್ಲ
ಮೈಸೂರು, ಫೆ.17(ಏಎಂ)- ಪತ್ರಿಕೆಗಳ ಓದುಗರು ಕಡಿಮೆಯಾಗಲು ಡಿಜಿಟಲ್ ಮಾಧ್ಯಮ ಕಾರಣ ಎಂಬ ಮಾತಿದೆ. ಆದರೆ ಇದು ವಾಸ್ತವವಲ್ಲ. ಬದಲಿಗೆ ಜನರ ವಿಶ್ವಾಸಗಳಿಗೆ ಅರ್ಥವೇ ಇಲ್ಲದ ಆಸಕ್ತಿಗಳನ್ನು ಉಲ್ಲೇಖಿಸುವುದೇ ಕಾರಣ ಎಂದು ಪತ್ರಕರ್ತ ಹೃಷಿಕೇಶ್ ಬಹದ್ದೂರ್ ದೇಸಾಯಿ ಹೇಳಿದರು. ಮೈಸೂರಿನ ಕಲಾಮಂದಿರದ ಕಿರುರಂಗಮಂದಿರದ ಆವರಣದ ಸುಚಿತ್ರ ರಂಗ ಅಂಗಳದಲ್ಲಿ ರಂಗಾಯಣದ ಬಹುರೂಪಿ ನಾಟಕೋತ್ಸವದ ಅಂಗವಾಗಿ ನಡೆಯುತ್ತಿರುವ ರಾಷ್ಟ್ರೀಯ ವಿಚಾರ ಸಂಕಿರಣದಲ್ಲಿ ‘ಗಾಂಧಿ-ಪತ್ರಿಕೋದ್ಯಮ’ ಕುರಿತು ಮಾತನಾಡಿದರು.
ಪತ್ರಕರ್ತ ಹೃಷಿಕೇಶ್ ಬಹದ್ದೂರ್ ದೇಸಾಯಿ
ಹೃಷಿಕೇಶ್
ದೂರವಾಗುತ್ತಿದ್ದಾರೆ ಎಂದರು. ಗಾಂಧಿ ಪತ್ರಿಕೆಗಳ ಮೂಲಕ ಜನರಿಗೆ ಸತ್ಯವನ್ನು ತಲುಪಿಸಿದರು. ಇಂದು ಮಾಧ್ಯಮಗಳು ಸತ್ಯದ ಬದಲಿಗೆ ಸುದ್ದಿಗಳನ್ನು ಉತ್ಪಾದಿಸುತ್ತಿವೆ. ಜನರ ಬದುಕಿನ ಸಮಸ್ಯೆಗಳ ಬದಲು ಮನರಂಜನೆಗೆ ಆದ್ಯತೆ ನೀಡಲಾಗುತ್ತಿದೆ. ಓದುಗರ ನಂಬಿಕೆ ಉಳಿಸಿಕೊಳ್ಳುವುದು ಪತ್ರಿಕೆಗಳ ಜವಾಬ್ದಾರಿ. ಗಾಂಧಿ ಪತ್ರಿಕೋದ್ಯಮ ಇಂದಿಗೂ ಮಾದರಿ.	ಪತ್ರಕರ್ತನಾಗಿ ಗಾಂಧಿ ಬರೆದ ಸುದ್ದಿ ಸಮಯವನ್ನು ತೆಗೆದುಕೊಂಡ ಓದುಗರ ಸಂಖ್ಯೆ ಹೆಚ್ಚಾಗಿತ್ತು. ಜಾಹೀರಾತು ಇಲ್ಲದೆಯೂ ಪತ್ರಿಕೆ ನಡೆಸಿದರು. ದೇಶದಲ್ಲಿ 50 ಕೋಟಿ ಟಿವಿ ಗಳಿವೆ. ಇಷ್ಟು ಟಿವಿಗಳಿದ್ದರೂ ಸತ್ಯ ಸಂಗತಿ ತಿಳಿಯುತ್ತಿಲ್ಲ. ಪತ್ರಿಕೆಗಳು ಇನ್ನೂ ಜನರ ವಿಶ್ವಾಸ ಉಳಿಸಿಕೊಂಡಿವೆ ಎಂದರು.
ಸರಳ, ನಯವಾದ ಭಾಷೆ ಬಳಕೆಯಿಂದ ಮಾಧ್ಯಮಗಳು ದೂರವಾಗುತ್ತಿವೆ...	”
ಸರಳ ಮತ್ತು ನಯವಾದ ಭಾಷೆ ಬಳಕೆಯಿಂದ ಮಾಧ್ಯಮಗಳು ಜನರಿಂದ ದೂರವಾಗುತ್ತಿವೆ. ಹಿಂದೆ ಪತ್ರಿಕೆಗಳು ಜನರ ಭಾಷೆಯಲ್ಲಿ ಬರೆಯುತ್ತಿದ್ದವು. ಈಗ ಕೃತಕ ಭಾಷೆ ಬಳಸಲಾಗುತ್ತಿದೆ. ಇಂಗ್ಲಿಷ್ ಪದಗಳ ಬಳಕೆ ಹೆಚ್ಚಾಗಿದೆ. ಸರಳ ಭಾಷೆ, ನೇರ ನುಡಿ ಗಾಂಧಿ ಪತ್ರಿಕೋದ್ಯಮದ ಶಕ್ತಿ. ಅದನ್ನು ಇಂದಿನ ಪತ್ರಕರ್ತರು ಅನುಸರಿಸಬೇಕು.
- ಹೃಷಿಕೇಶ್ ಬಹದ್ದೂರ್ ದೇಸಾಯಿ
ಹೋರಾಟ ಮಾದರಿಯಾಗಿತ್ತು ಅವರ ಜೀವನ ಕಥೆ ಸರಳ ಎಂದು ಹೃಷಿಕೇಶ್ ಹೇಳಿದರು.
